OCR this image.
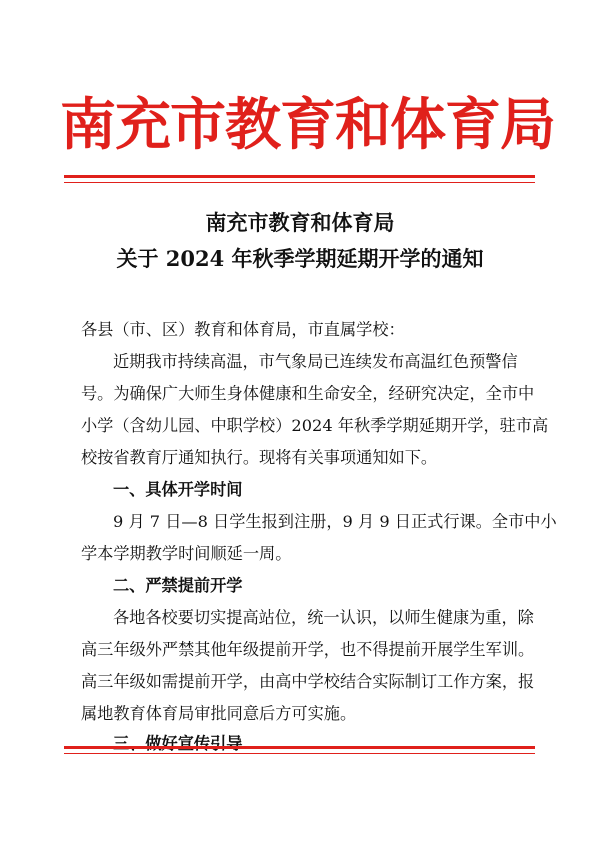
南充市教育和体育局
南充市教育和体育局
关于 2024 年秋季学期延期开学的通知
各县（市、区）教育和体育局，市直属学校：
近期我市持续高温，市气象局已连续发布高温红色预警信
号。为确保广大师生身体健康和生命安全，经研究决定，全市中
小学（含幼儿园、中职学校）2024 年秋季学期延期开学，驻市高
校按省教育厅通知执行。现将有关事项通知如下。
一、具体开学时间
9 月 7 日—8 日学生报到注册，9 月 9 日正式行课。全市中小
学本学期教学时间顺延一周。
二、严禁提前开学
各地各校要切实提高站位，统一认识，以师生健康为重，除
高三年级外严禁其他年级提前开学，也不得提前开展学生军训。
高三年级如需提前开学，由高中学校结合实际制订工作方案，报
属地教育体育局审批同意后方可实施。
三、做好宣传引导
